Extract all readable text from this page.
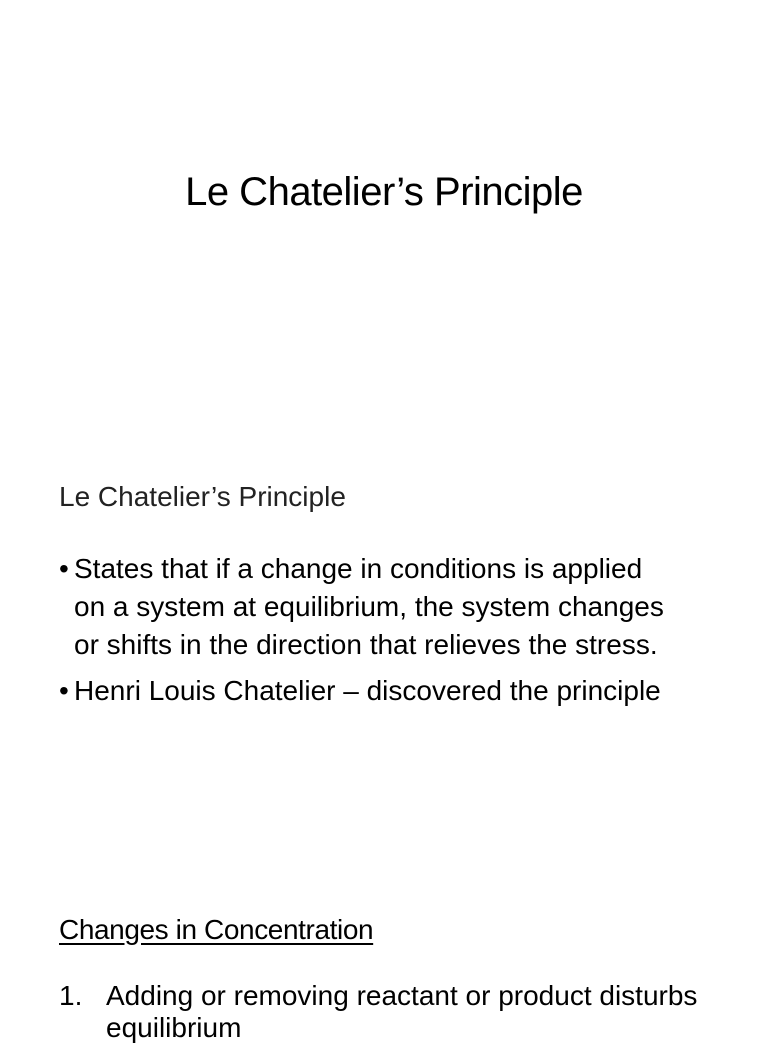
Le Chatelier’s Principle
Le Chatelier’s Principle
• States that if a change in conditions is applied on a system at equilibrium, the system changes or shifts in the direction that relieves the stress.
• Henri Louis Chatelier – discovered the principle
Changes in Concentration
1. Adding or removing reactant or product disturbs equilibrium
